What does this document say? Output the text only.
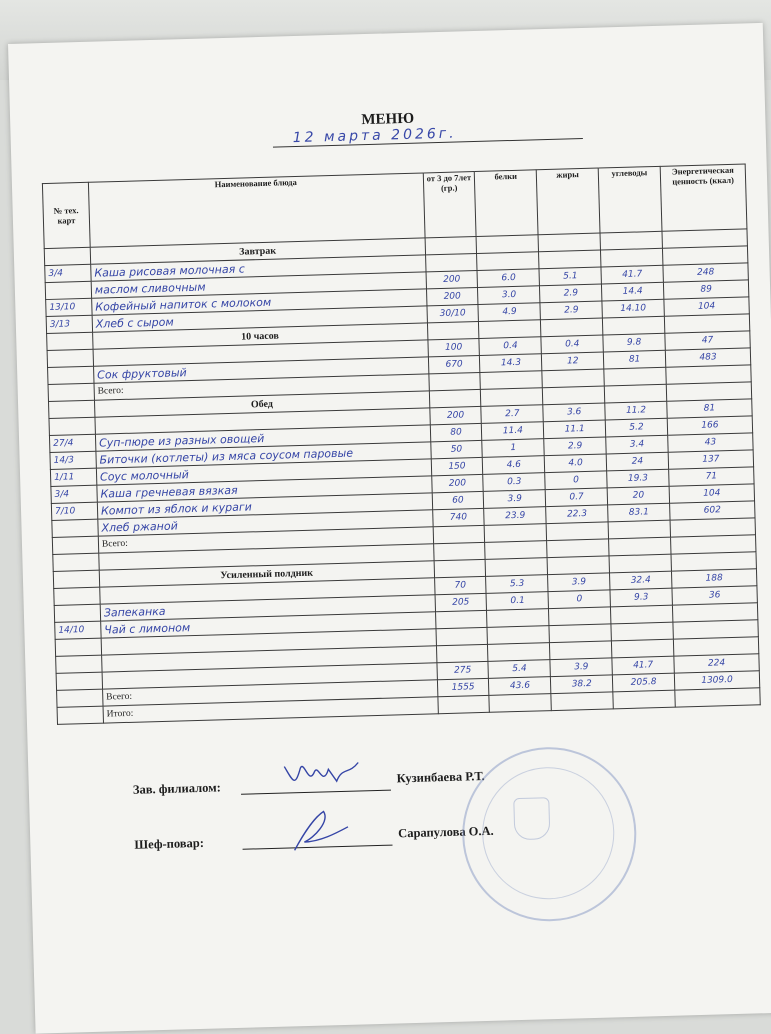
МЕНЮ
12 марта 2026г.
№ тех. карт	Наименование блюда	от 3 до 7лет (гр.)	белки	жиры	углеводы	Энергетическая ценность (ккал)
	Завтрак					
3/4	Каша рисовая молочная с					
	маслом сливочным	200	6.0	5.1	41.7	248
13/10	Кофейный напиток с молоком	200	3.0	2.9	14.4	89
3/13	Хлеб с сыром	30/10	4.9	2.9	14.10	104
	10 часов					
		100	0.4	0.4	9.8	47
	Сок фруктовый	670	14.3	12	81	483
	Всего:					
	Обед					
		200	2.7	3.6	11.2	81
27/4	Суп-пюре из разных овощей	80	11.4	11.1	5.2	166
14/3	Биточки (котлеты) из мяса соусом паровые	50	1	2.9	3.4	43
1/11	Соус молочный	150	4.6	4.0	24	137
3/4	Каша гречневая вязкая	200	0.3	0	19.3	71
7/10	Компот из яблок и кураги	60	3.9	0.7	20	104
	Хлеб ржаной	740	23.9	22.3	83.1	602
	Всего:					

	Усиленный полдник					
		70	5.3	3.9	32.4	188
	Запеканка	205	0.1	0	9.3	36
14/10	Чай с лимоном					

		275	5.4	3.9	41.7	224
	Всего:	1555	43.6	38.2	205.8	1309.0
	Итого:					
Зав. филиалом:
Кузинбаева Р.Т.
Шеф-повар:
Сарапулова О.А.
